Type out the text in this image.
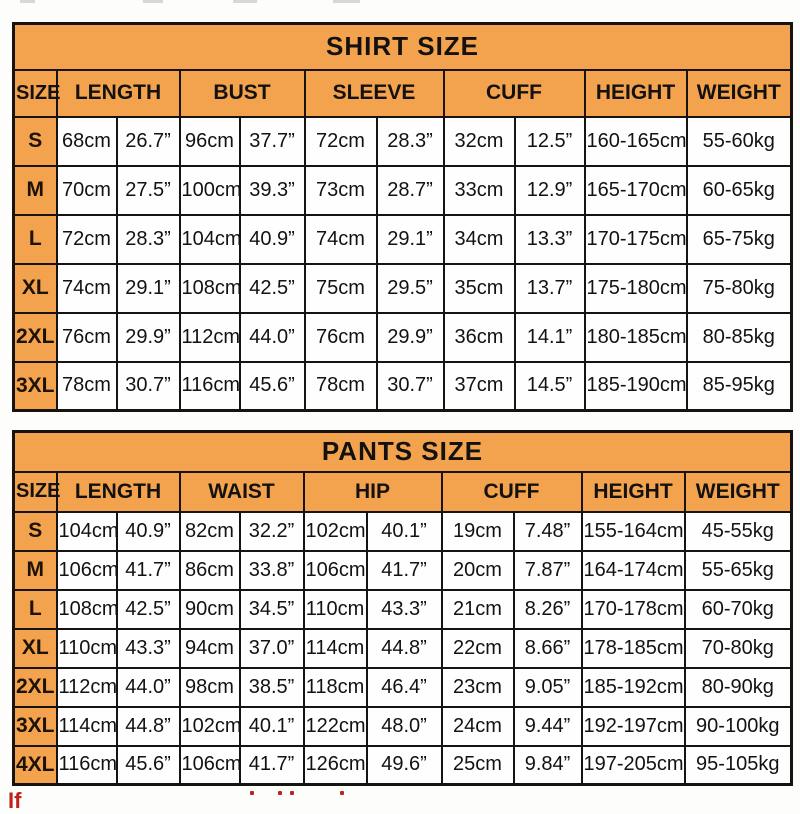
SHIRT SIZE										
SIZE	LENGTH		BUST		SLEEVE		CUFF		HEIGHT	WEIGHT
S	68cm	26.7”	96cm	37.7”	72cm	28.3”	32cm	12.5”	160-165cm	55-60kg
M	70cm	27.5”	100cm	39.3”	73cm	28.7”	33cm	12.9”	165-170cm	60-65kg
L	72cm	28.3”	104cm	40.9”	74cm	29.1”	34cm	13.3”	170-175cm	65-75kg
XL	74cm	29.1”	108cm	42.5”	75cm	29.5”	35cm	13.7”	175-180cm	75-80kg
2XL	76cm	29.9”	112cm	44.0”	76cm	29.9”	36cm	14.1”	180-185cm	80-85kg
3XL	78cm	30.7”	116cm	45.6”	78cm	30.7”	37cm	14.5”	185-190cm	85-95kg
PANTS SIZE										
SIZE	LENGTH		WAIST		HIP		CUFF		HEIGHT	WEIGHT
S	104cm	40.9”	82cm	32.2”	102cm	40.1”	19cm	7.48”	155-164cm	45-55kg
M	106cm	41.7”	86cm	33.8”	106cm	41.7”	20cm	7.87”	164-174cm	55-65kg
L	108cm	42.5”	90cm	34.5”	110cm	43.3”	21cm	8.26”	170-178cm	60-70kg
XL	110cm	43.3”	94cm	37.0”	114cm	44.8”	22cm	8.66”	178-185cm	70-80kg
2XL	112cm	44.0”	98cm	38.5”	118cm	46.4”	23cm	9.05”	185-192cm	80-90kg
3XL	114cm	44.8”	102cm	40.1”	122cm	48.0”	24cm	9.44”	192-197cm	90-100kg
4XL	116cm	45.6”	106cm	41.7”	126cm	49.6”	25cm	9.84”	197-205cm	95-105kg
If
